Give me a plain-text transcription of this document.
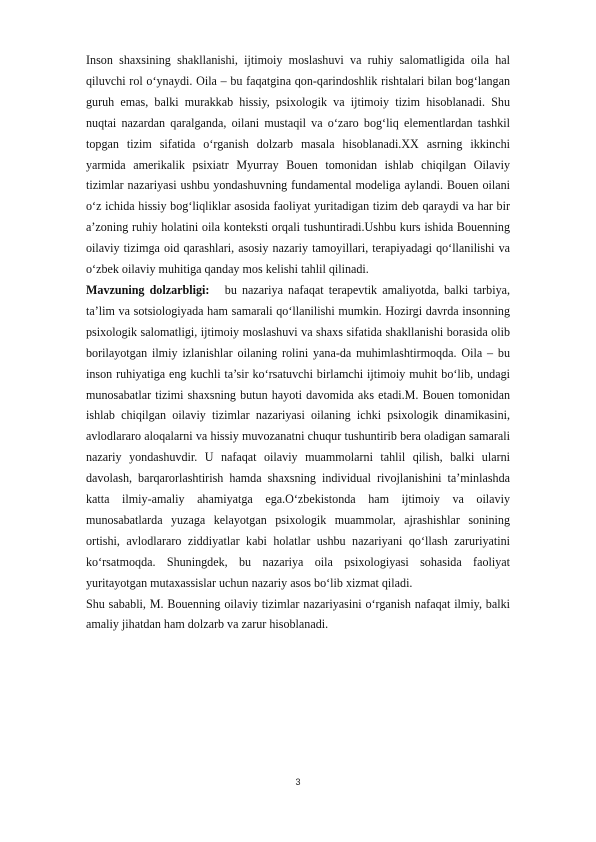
Inson shaxsining shakllanishi, ijtimoiy moslashuvi va ruhiy salomatligida oila hal qiluvchi rol o‘ynaydi. Oila – bu faqatgina qon-qarindoshlik rishtalari bilan bog‘langan guruh emas, balki murakkab hissiy, psixologik va ijtimoiy tizim hisoblanadi. Shu nuqtai nazardan qaralganda, oilani mustaqil va o‘zaro bog‘liq elementlardan tashkil topgan tizim sifatida o‘rganish dolzarb masala hisoblanadi.XX asrning ikkinchi yarmida amerikalik psixiatr Myurray Bouen tomonidan ishlab chiqilgan Oilaviy tizimlar nazariyasi ushbu yondashuvning fundamental modeliga aylandi. Bouen oilani o‘z ichida hissiy bog‘liqliklar asosida faoliyat yuritadigan tizim deb qaraydi va har bir a’zoning ruhiy holatini oila konteksti orqali tushuntiradi.Ushbu kurs ishida Bouenning oilaviy tizimga oid qarashlari, asosiy nazariy tamoyillari, terapiyadagi qo‘llanilishi va o‘zbek oilaviy muhitiga qanday mos kelishi tahlil qilinadi.

Mavzuning dolzarbligi: bu nazariya nafaqat terapevtik amaliyotda, balki tarbiya, ta’lim va sotsiologiyada ham samarali qo‘llanilishi mumkin. Hozirgi davrda insonning psixologik salomatligi, ijtimoiy moslashuvi va shaxs sifatida shakllanishi borasida olib borilayotgan ilmiy izlanishlar oilaning rolini yana-da muhimlashtirmoqda. Oila – bu inson ruhiyatiga eng kuchli ta’sir ko‘rsatuvchi birlamchi ijtimoiy muhit bo‘lib, undagi munosabatlar tizimi shaxsning butun hayoti davomida aks etadi.M. Bouen tomonidan ishlab chiqilgan oilaviy tizimlar nazariyasi oilaning ichki psixologik dinamikasini, avlodlararo aloqalarni va hissiy muvozanatni chuqur tushuntirib bera oladigan samarali nazariy yondashuvdir. U nafaqat oilaviy muammolarni tahlil qilish, balki ularni davolash, barqarorlashtirish hamda shaxsning individual rivojlanishini ta’minlashda katta ilmiy-amaliy ahamiyatga ega.O‘zbekistonda ham ijtimoiy va oilaviy munosabatlarda yuzaga kelayotgan psixologik muammolar, ajrashishlar sonining ortishi, avlodlararo ziddiyatlar kabi holatlar ushbu nazariyani qo‘llash zaruriyatini ko‘rsatmoqda. Shuningdek, bu nazariya oila psixologiyasi sohasida faoliyat yuritayotgan mutaxassislar uchun nazariy asos bo‘lib xizmat qiladi.

Shu sababli, M. Bouenning oilaviy tizimlar nazariyasini o‘rganish nafaqat ilmiy, balki amaliy jihatdan ham dolzarb va zarur hisoblanadi.

3
